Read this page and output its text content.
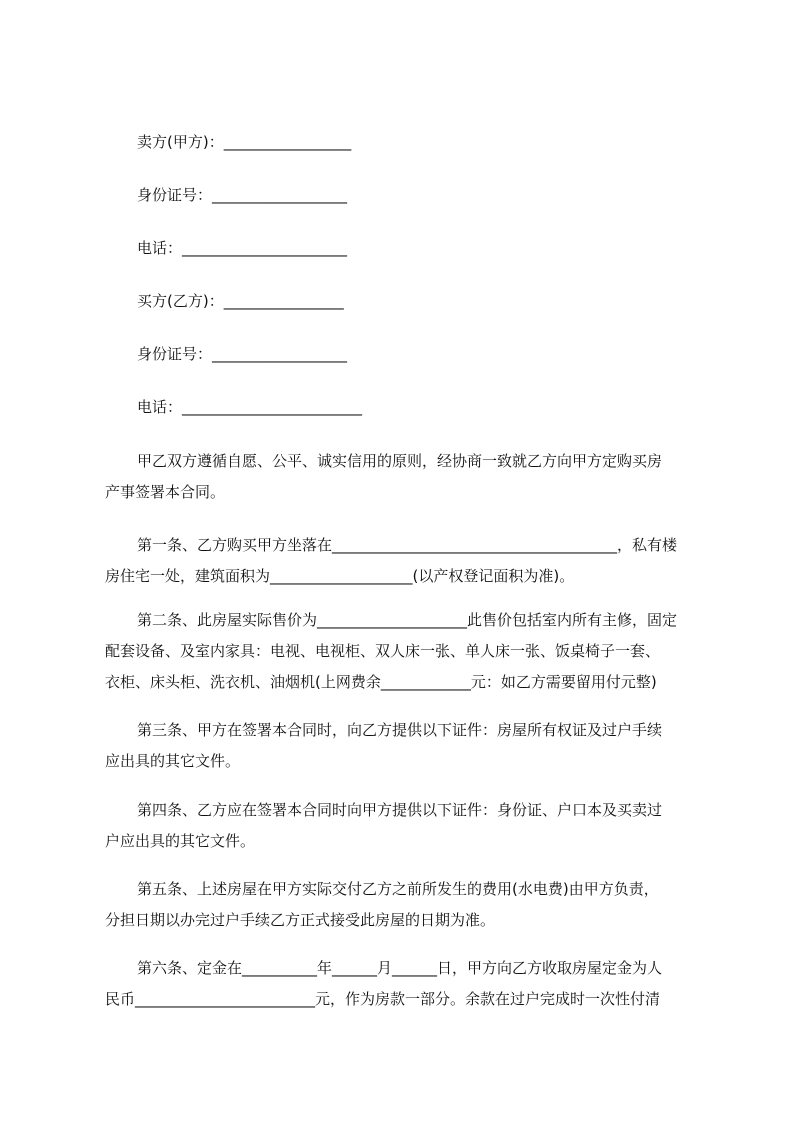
卖方(甲方)：_________________
身份证号：__________________
电话：______________________
买方(乙方)：________________
身份证号：__________________
电话：________________________
甲乙双方遵循自愿、公平、诚实信用的原则，经协商一致就乙方向甲方定购买房
产事签署本合同。
第一条、乙方购买甲方坐落在______________________________________，私有楼
房住宅一处，建筑面积为___________________(以产权登记面积为准)。
第二条、此房屋实际售价为____________________此售价包括室内所有主修，固定
配套设备、及室内家具：电视、电视柜、双人床一张、单人床一张、饭桌椅子一套、
衣柜、床头柜、洗衣机、油烟机(上网费余____________元：如乙方需要留用付元整)
第三条、甲方在签署本合同时，向乙方提供以下证件：房屋所有权证及过户手续
应出具的其它文件。
第四条、乙方应在签署本合同时向甲方提供以下证件：身份证、户口本及买卖过
户应出具的其它文件。
第五条、上述房屋在甲方实际交付乙方之前所发生的费用(水电费)由甲方负责，
分担日期以办完过户手续乙方正式接受此房屋的日期为准。
第六条、定金在__________年______月______日，甲方向乙方收取房屋定金为人
民币________________________元，作为房款一部分。余款在过户完成时一次性付清
